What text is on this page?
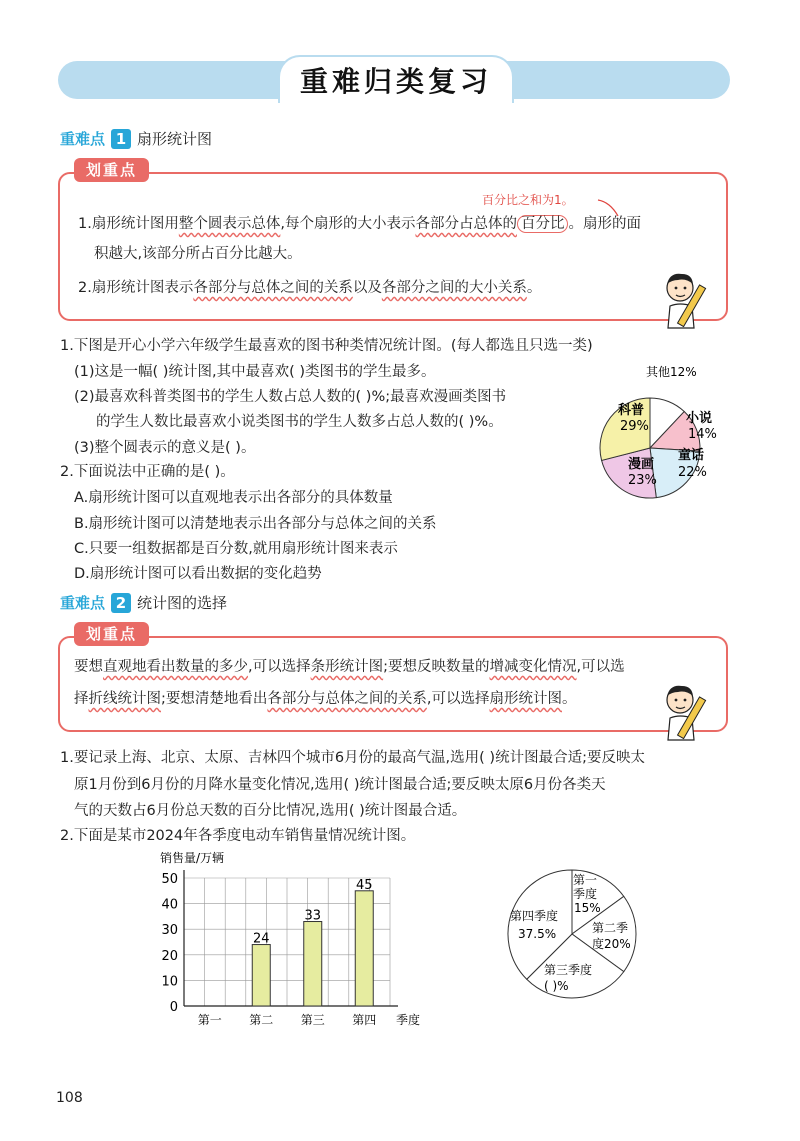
重难归类复习
重难点 1 扇形统计图
划重点
百分比之和为1。
1.扇形统计图用整个圆表示总体,每个扇形的大小表示各部分占总体的 百分比 。扇形的面
积越大,该部分所占百分比越大。
2.扇形统计图表示各部分与总体之间的关系以及各部分之间的大小关系。
1.下图是开心小学六年级学生最喜欢的图书种类情况统计图。(每人都选且只选一类)
(1)这是一幅( )统计图,其中最喜欢( )类图书的学生最多。
(2)最喜欢科普类图书的学生人数占总人数的( )%;最喜欢漫画类图书
的学生人数比最喜欢小说类图书的学生人数多占总人数的( )%。
(3)整个圆表示的意义是( )。
其他12%
科普
29%
小说
14%
童话
22%
漫画
23%
2.下面说法中正确的是( )。
A.扇形统计图可以直观地表示出各部分的具体数量
B.扇形统计图可以清楚地表示出各部分与总体之间的关系
C.只要一组数据都是百分数,就用扇形统计图来表示
D.扇形统计图可以看出数据的变化趋势
重难点 2 统计图的选择
划重点
要想直观地看出数量的多少,可以选择条形统计图;要想反映数量的增减变化情况,可以选
择折线统计图;要想清楚地看出各部分与总体之间的关系,可以选择扇形统计图。
1.要记录上海、北京、太原、吉林四个城市6月份的最高气温,选用( )统计图最合适;要反映太
原1月份到6月份的月降水量变化情况,选用( )统计图最合适;要反映太原6月份各类天
气的天数占6月份总天数的百分比情况,选用( )统计图最合适。
2.下面是某市2024年各季度电动车销售量情况统计图。
0
10
20
30
40
50
销售量/万辆
季度
第一 第二
24
第三
33
第四
45	第一
季度
15%
第二季
度20%
第三季度
( )%
第四季度
37.5%
108
